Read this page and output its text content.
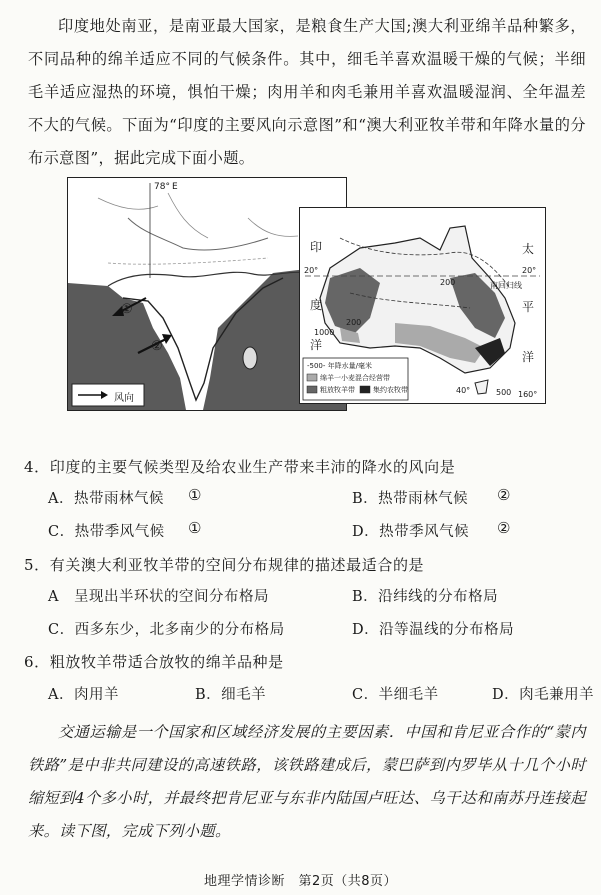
印度地处南亚，是南亚最大国家，是粮食生产大国;澳大利亚绵羊品种繁多，不同品种的绵羊适应不同的气候条件。其中，细毛羊喜欢温暖干燥的气候；半细毛羊适应湿热的环境，惧怕干燥；肉用羊和肉毛兼用羊喜欢温暖湿润、全年温差不大的气候。下面为“印度的主要风向示意图”和“澳大利亚牧羊带和年降水量的分布示意图”，据此完成下面小题。
78° E
①
②
风向
印
度
洋
太
平
洋
南回归线
20°	20°
40°	160°
1000
200
200
500
-500- 年降水量/毫米
绵羊一小麦混合经营带
粗放牧羊带	集约农牧带
4．印度的主要气候类型及给农业生产带来丰沛的降水的风向是
A．热带雨林气候 ①	B．热带雨林气候 ②
C．热带季风气候 ①	D．热带季风气候 ②
5．有关澳大利亚牧羊带的空间分布规律的描述最适合的是
A　呈现出半环状的空间分布格局	B．沿纬线的分布格局
C．西多东少，北多南少的分布格局	D．沿等温线的分布格局
6．粗放牧羊带适合放牧的绵羊品种是
A．肉用羊	B．细毛羊	C．半细毛羊	D．肉毛兼用羊
交通运输是一个国家和区域经济发展的主要因素．中国和肯尼亚合作的“蒙内铁路”是中非共同建设的高速铁路，该铁路建成后，蒙巴萨到内罗毕从十几个小时缩短到4个多小时，并最终把肯尼亚与东非内陆国卢旺达、乌干达和南苏丹连接起来。读下图，完成下列小题。
地理学情诊断　第2页（共8页）
